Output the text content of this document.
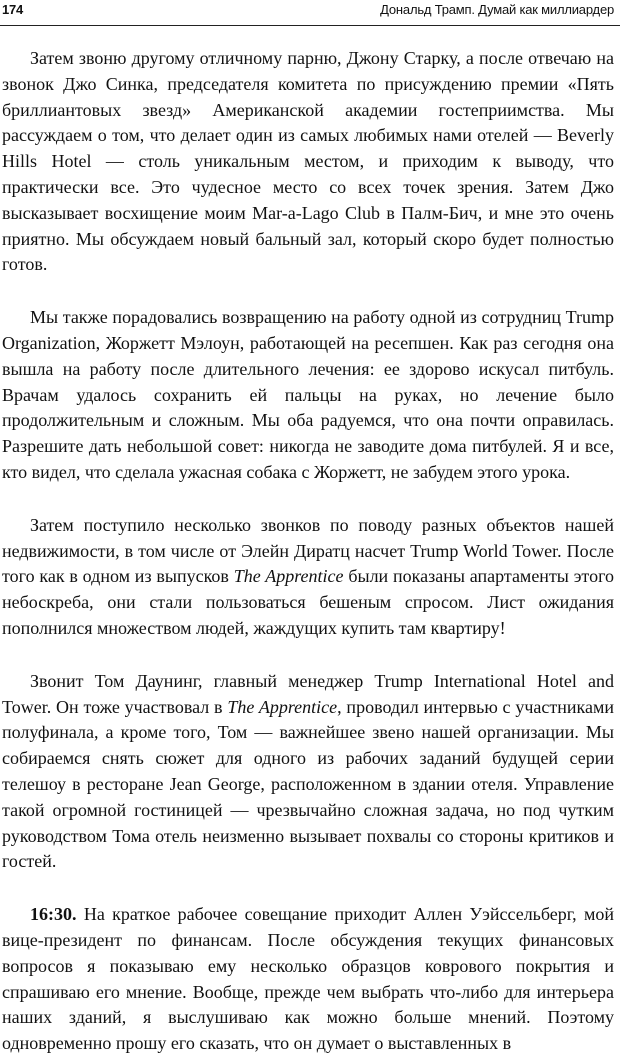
174	Дональд Трамп. Думай как миллиардер

Затем звоню другому отличному парню, Джону Старку, а после отвечаю на звонок Джо Синка, председателя комитета по присуждению премии «Пять бриллиантовых звезд» Американской академии гостеприимства. Мы рассуждаем о том, что делает один из самых любимых нами отелей — Beverly Hills Hotel — столь уникальным местом, и приходим к выводу, что практически все. Это чудесное место со всех точек зрения. Затем Джо высказывает восхищение моим Mar-a-Lago Club в Палм-Бич, и мне это очень приятно. Мы обсуждаем новый бальный зал, который скоро будет полностью готов.

Мы также порадовались возвращению на работу одной из сотрудниц Trump Organization, Жоржетт Мэлоун, работающей на ресепшен. Как раз сегодня она вышла на работу после длительного лечения: ее здорово искусал питбуль. Врачам удалось сохранить ей пальцы на руках, но лечение было продолжительным и сложным. Мы оба радуемся, что она почти оправилась. Разрешите дать небольшой совет: никогда не заводите дома питбулей. Я и все, кто видел, что сделала ужасная собака с Жоржетт, не забудем этого урока.

Затем поступило несколько звонков по поводу разных объектов нашей недвижимости, в том числе от Элейн Диратц насчет Trump World Tower. После того как в одном из выпусков The Apprentice были показаны апартаменты этого небоскреба, они стали пользоваться бешеным спросом. Лист ожидания пополнился множеством людей, жаждущих купить там квартиру!

Звонит Том Даунинг, главный менеджер Trump International Hotel and Tower. Он тоже участвовал в The Apprentice, проводил интервью с участниками полуфинала, а кроме того, Том — важнейшее звено нашей организации. Мы собираемся снять сюжет для одного из рабочих заданий будущей серии телешоу в ресторане Jean George, расположенном в здании отеля. Управление такой огромной гостиницей — чрезвычайно сложная задача, но под чутким руководством Тома отель неизменно вызывает похвалы со стороны критиков и гостей.

16:30. На краткое рабочее совещание приходит Аллен Уэйссельберг, мой вице-президент по финансам. После обсуждения текущих финансовых вопросов я показываю ему несколько образцов коврового покрытия и спрашиваю его мнение. Вообще, прежде чем выбрать что-либо для интерьера наших зданий, я выслушиваю как можно больше мнений. Поэтому одновременно прошу его сказать, что он думает о выставленных в
